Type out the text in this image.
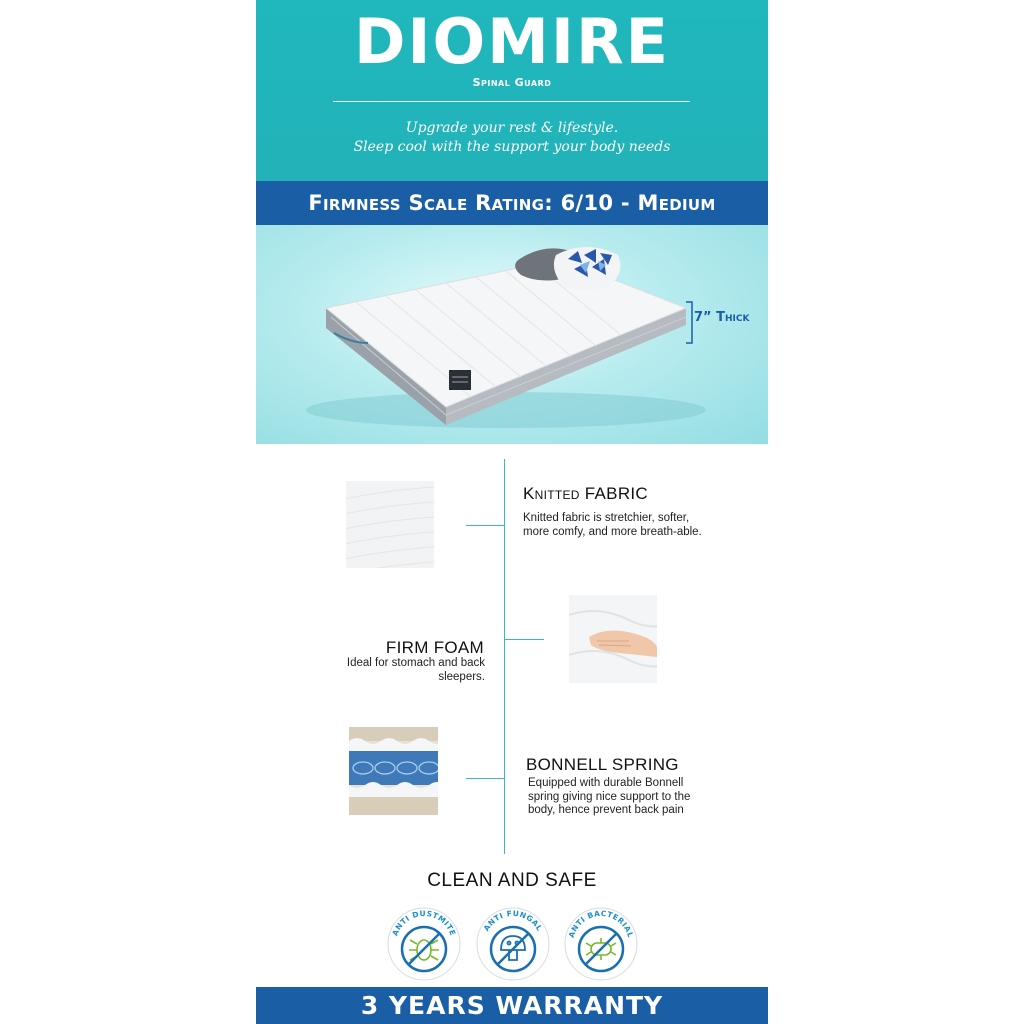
DIOMIRE
Spinal Guard
Upgrade your rest & lifestyle.
Sleep cool with the support your body needs
Firmness Scale Rating: 6/10 - Medium
7” Thick
Knitted FABRIC
Knitted fabric is stretchier, softer, more comfy, and more breath-able.
FIRM FOAM
Ideal for stomach and back sleepers.
BONNELL SPRING
Equipped with durable Bonnell spring giving nice support to the body, hence prevent back pain
CLEAN AND SAFE
ANTI DUSTMITE
ANTI FUNGAL
ANTI BACTERIAL
3 YEARS WARRANTY
